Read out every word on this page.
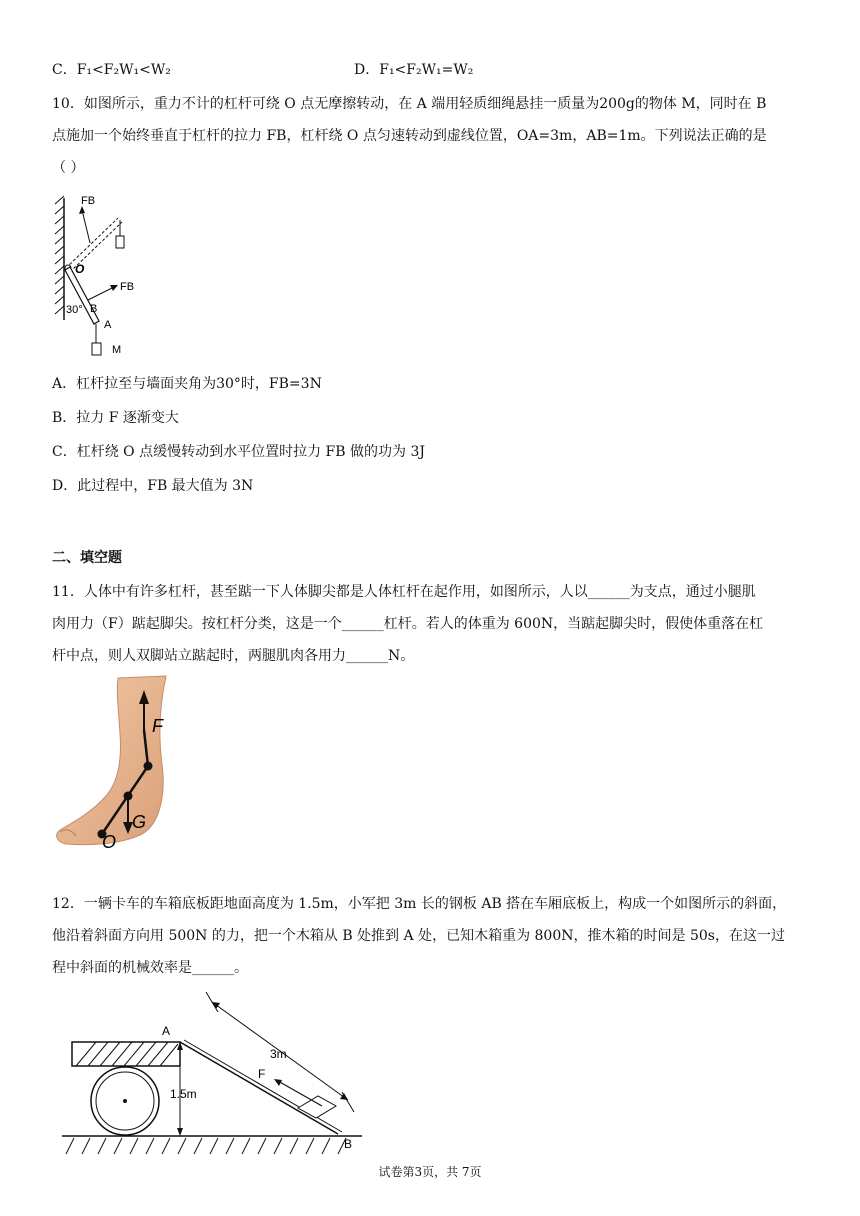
C．F₁<F₂W₁<W₂	D．F₁<F₂W₁=W₂
10．如图所示，重力不计的杠杆可绕 O 点无摩擦转动，在 A 端用轻质细绳悬挂一质量为200g的物体 M，同时在 B
点施加一个始终垂直于杠杆的拉力 FB，杠杆绕 O 点匀速转动到虚线位置，OA=3m，AB=1m。下列说法正确的是
（ ）
FB
O
FB
30° B
A
M
A．杠杆拉至与墙面夹角为30°时，FB=3N
B．拉力 F 逐渐变大
C．杠杆绕 O 点缓慢转动到水平位置时拉力 FB 做的功为 3J
D．此过程中，FB 最大值为 3N
二、填空题
11．人体中有许多杠杆，甚至踮一下人体脚尖都是人体杠杆在起作用，如图所示，人以______为支点，通过小腿肌
肉用力（F）踮起脚尖。按杠杆分类，这是一个______杠杆。若人的体重为 600N，当踮起脚尖时，假使体重落在杠
杆中点，则人双脚站立踮起时，两腿肌肉各用力______N。
F
G
O
12．一辆卡车的车箱底板距地面高度为 1.5m，小军把 3m 长的钢板 AB 搭在车厢底板上，构成一个如图所示的斜面，
他沿着斜面方向用 500N 的力，把一个木箱从 B 处推到 A 处，已知木箱重为 800N，推木箱的时间是 50s，在这一过
程中斜面的机械效率是______。
A
1.5m
3m
F
B
试卷第3页，共 7页
